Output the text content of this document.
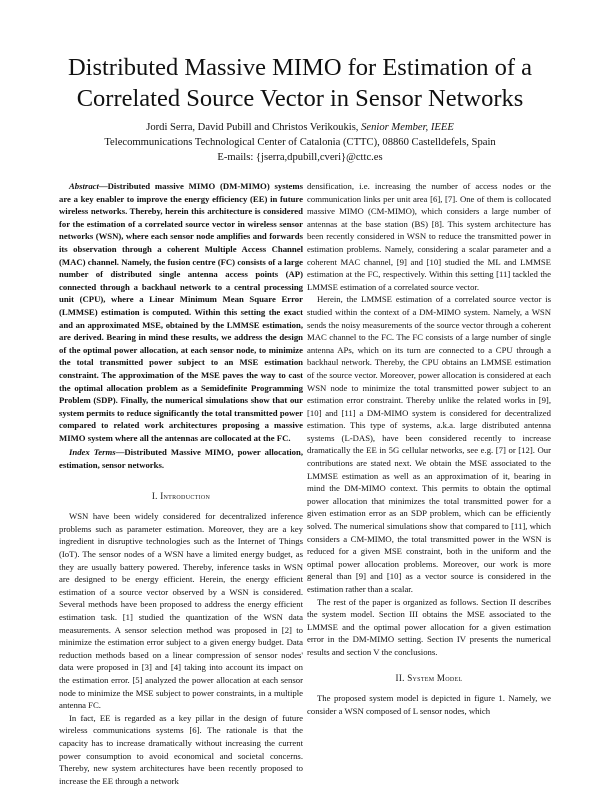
Distributed Massive MIMO for Estimation of a
Correlated Source Vector in Sensor Networks
Jordi Serra, David Pubill and Christos Verikoukis, Senior Member, IEEE
Telecommunications Technological Center of Catalonia (CTTC), 08860 Castelldefels, Spain
E-mails: {jserra,dpubill,cveri}@cttc.es

Abstract—Distributed massive MIMO (DM-MIMO) systems are a key enabler to improve the energy efficiency (EE) in future wireless networks. Thereby, herein this architecture is considered for the estimation of a correlated source vector in wireless sensor networks (WSN), where each sensor node amplifies and forwards its observation through a coherent Multiple Access Channel (MAC) channel. Namely, the fusion centre (FC) consists of a large number of distributed single antenna access points (AP) connected through a backhaul network to a central processing unit (CPU), where a Linear Minimum Mean Square Error (LMMSE) estimation is computed. Within this setting the exact and an approximated MSE, obtained by the LMMSE estimation, are derived. Bearing in mind these results, we address the design of the optimal power allocation, at each sensor node, to minimize the total transmitted power subject to an MSE estimation constraint. The approximation of the MSE paves the way to cast the optimal allocation problem as a Semidefinite Programming Problem (SDP). Finally, the numerical simulations show that our system permits to reduce significantly the total transmitted power compared to related work architectures proposing a massive MIMO system where all the antennas are collocated at the FC.

Index Terms—Distributed Massive MIMO, power allocation, estimation, sensor networks.

I. Introduction

WSN have been widely considered for decentralized inference problems such as parameter estimation. Moreover, they are a key ingredient in disruptive technologies such as the Internet of Things (IoT). The sensor nodes of a WSN have a limited energy budget, as they are usually battery powered. Thereby, inference tasks in WSN are designed to be energy efficient. Herein, the energy efficient estimation of a source vector observed by a WSN is considered. Several methods have been proposed to address the energy efficient estimation task. [1] studied the quantization of the WSN data measurements. A sensor selection method was proposed in [2] to minimize the estimation error subject to a given energy budget. Data reduction methods based on a linear compression of sensor nodes' data were proposed in [3] and [4] taking into account its impact on the estimation error. [5] analyzed the power allocation at each sensor node to minimize the MSE subject to power constraints, in a multiple antenna FC.

In fact, EE is regarded as a key pillar in the design of future wireless communications systems [6]. The rationale is that the capacity has to increase dramatically without increasing the current power consumption to avoid economical and societal concerns. Thereby, new system architectures have been recently proposed to increase the EE through a network

densification, i.e. increasing the number of access nodes or the communication links per unit area [6], [7]. One of them is collocated massive MIMO (CM-MIMO), which considers a large number of antennas at the base station (BS) [8]. This system architecture has been recently considered in WSN to reduce the transmitted power in estimation problems. Namely, considering a scalar parameter and a coherent MAC channel, [9] and [10] studied the ML and LMMSE estimation at the FC, respectively. Within this setting [11] tackled the LMMSE estimation of a correlated source vector.

Herein, the LMMSE estimation of a correlated source vector is studied within the context of a DM-MIMO system. Namely, a WSN sends the noisy measurements of the source vector through a coherent MAC channel to the FC. The FC consists of a large number of single antenna APs, which on its turn are connected to a CPU through a backhaul network. Thereby, the CPU obtains an LMMSE estimation of the source vector. Moreover, power allocation is considered at each WSN node to minimize the total transmitted power subject to an estimation error constraint. Thereby unlike the related works in [9], [10] and [11] a DM-MIMO system is considered for decentralized estimation. This type of systems, a.k.a. large distributed antenna systems (L-DAS), have been considered recently to increase dramatically the EE in 5G cellular networks, see e.g. [7] or [12]. Our contributions are stated next. We obtain the MSE associated to the LMMSE estimation as well as an approximation of it, bearing in mind the DM-MIMO context. This permits to obtain the optimal power allocation that minimizes the total transmitted power for a given estimation error as an SDP problem, which can be efficiently solved. The numerical simulations show that compared to [11], which considers a CM-MIMO, the total transmitted power in the WSN is reduced for a given MSE constraint, both in the uniform and the optimal power allocation problems. Moreover, our work is more general than [9] and [10] as a vector source is considered in the estimation rather than a scalar.

The rest of the paper is organized as follows. Section II describes the system model. Section III obtains the MSE associated to the LMMSE and the optimal power allocation for a given estimation error in the DM-MIMO setting. Section IV presents the numerical results and section V the conclusions.

II. System Model

The proposed system model is depicted in figure 1. Namely, we consider a WSN composed of L sensor nodes, which
